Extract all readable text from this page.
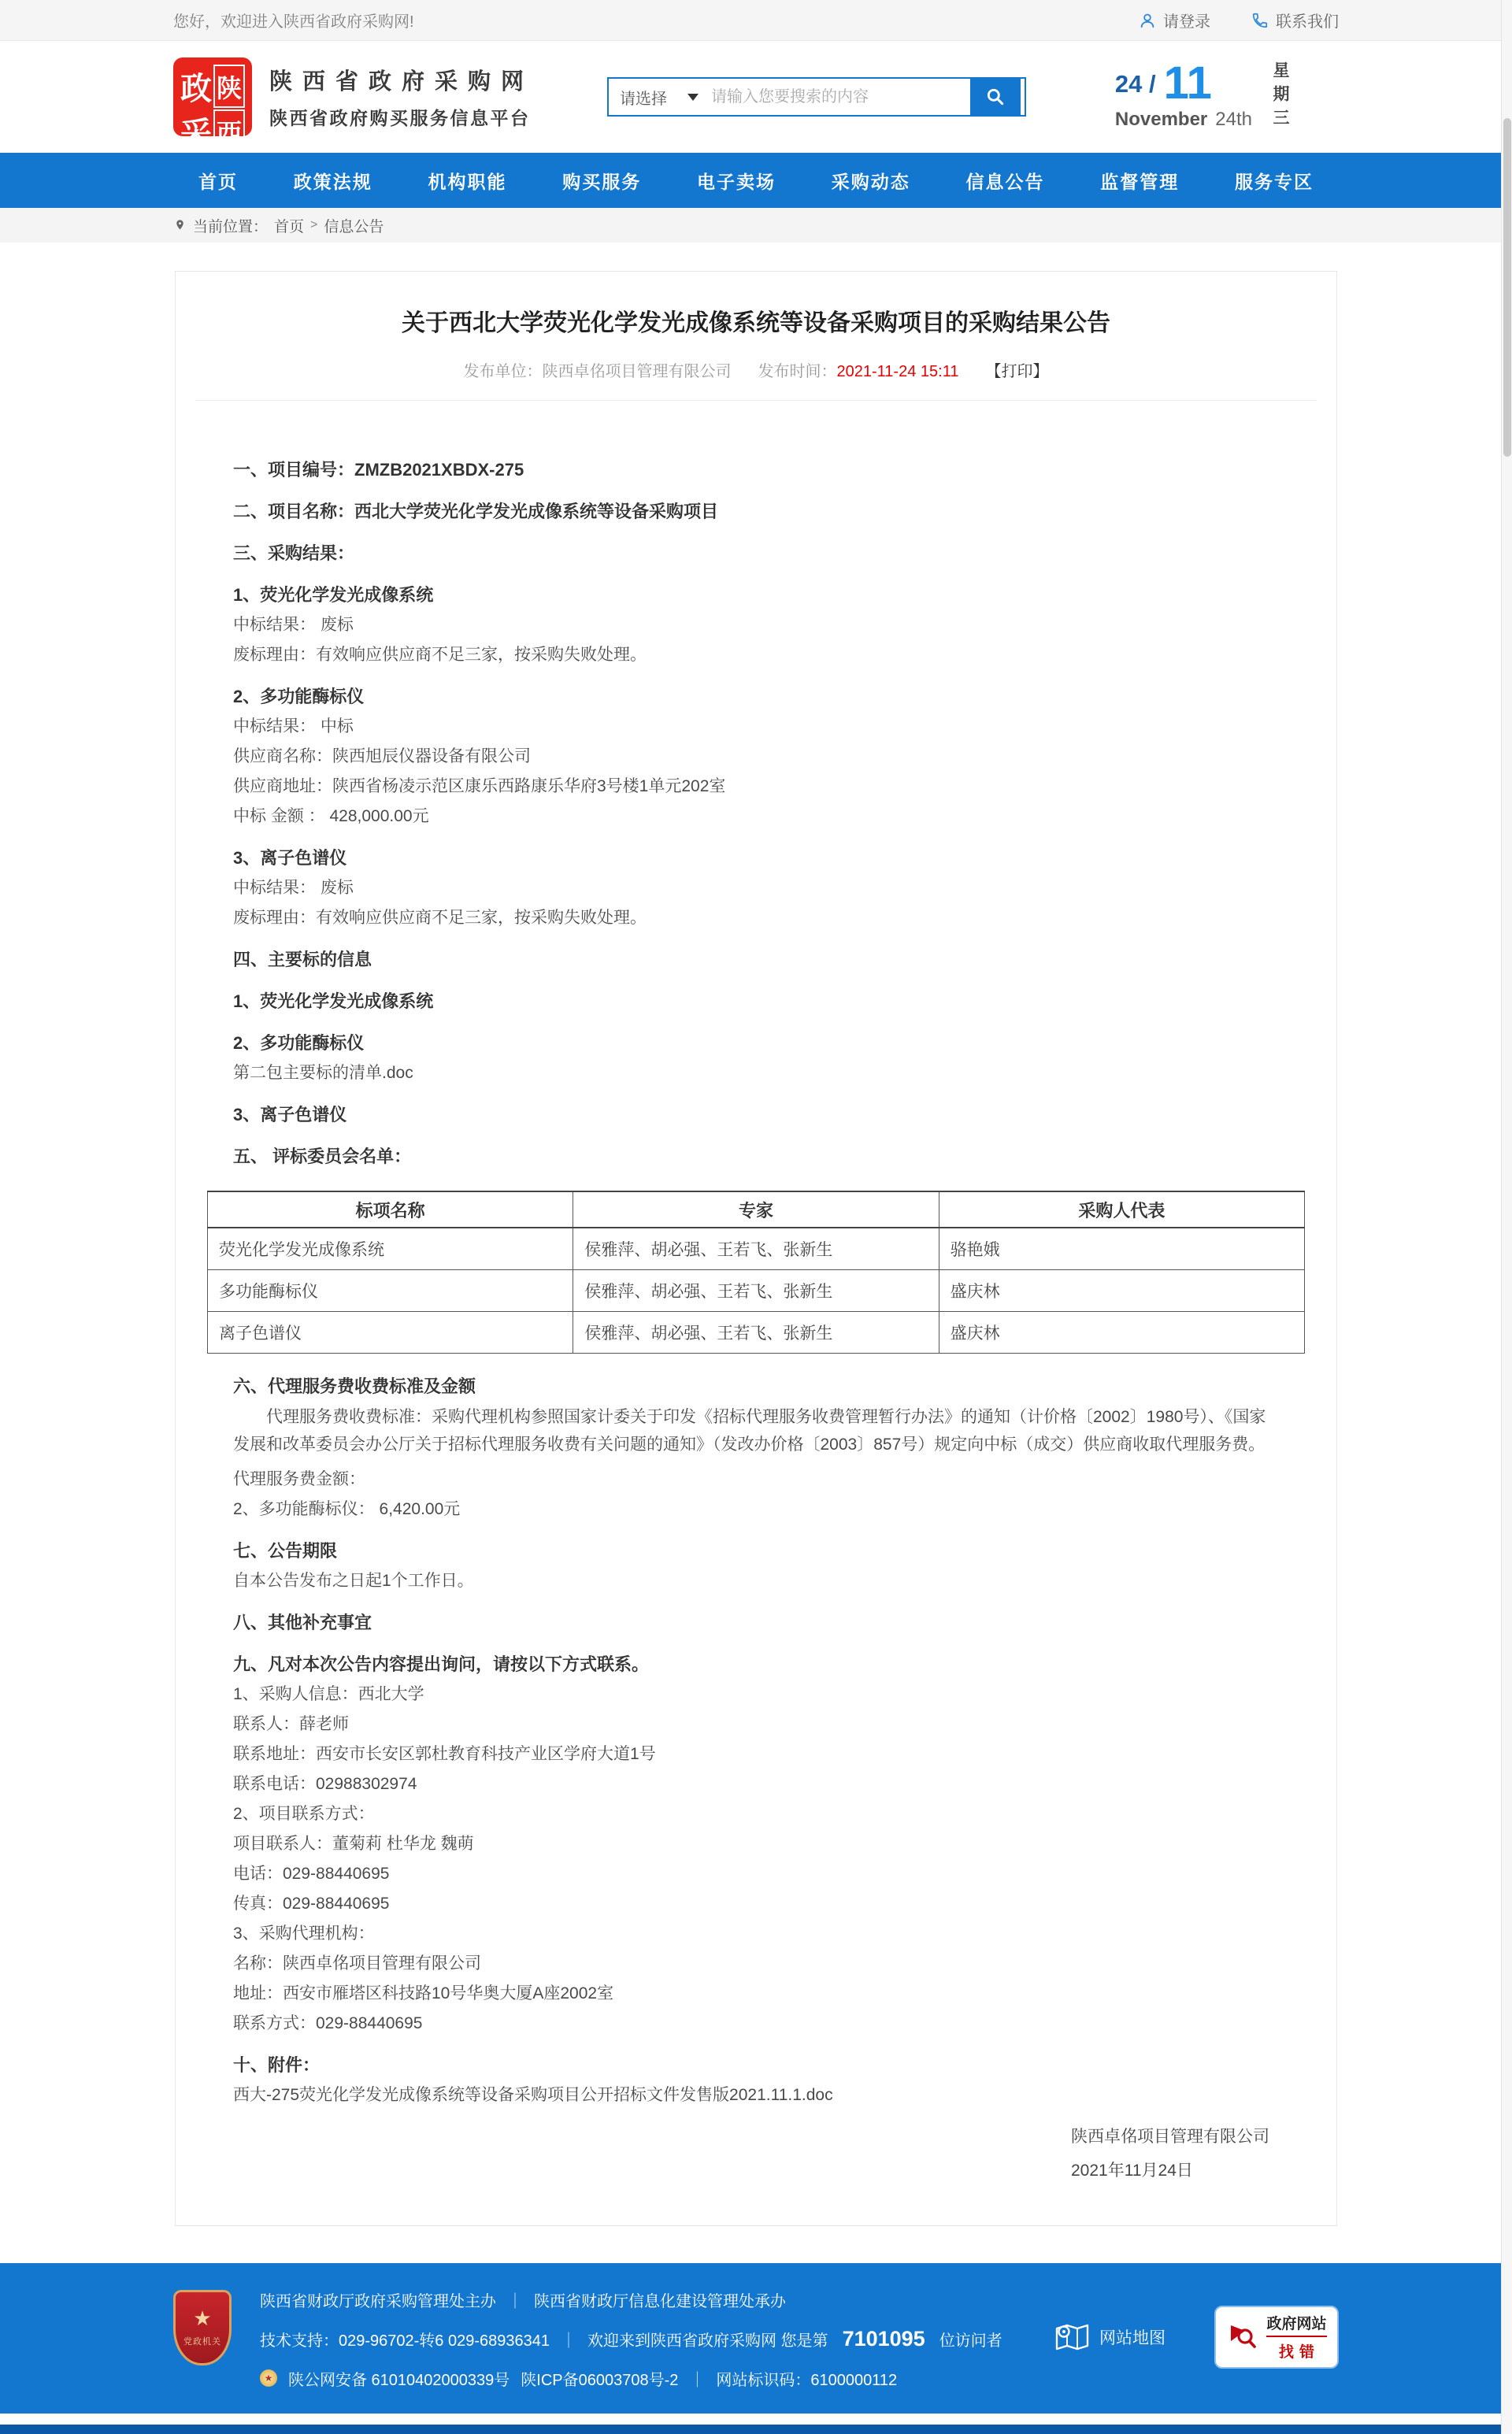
您好，欢迎进入陕西省政府采购网!	请登录	联系我们
政 陕
采 西
陕西省政府采购网
陕西省政府购买服务信息平台
请选择
请输入您要搜索的内容
24 / 11
November 24th 星期三
首页	政策法规	机构职能	购买服务	电子卖场	采购动态	信息公告	监督管理	服务专区
当前位置： 首页 > 信息公告
关于西北大学荧光化学发光成像系统等设备采购项目的采购结果公告
发布单位：陕西卓佲项目管理有限公司 发布时间：2021-11-24 15:11 【打印】

一、项目编号：ZMZB2021XBDX-275

二、项目名称：西北大学荧光化学发光成像系统等设备采购项目

三、采购结果：

1、荧光化学发光成像系统

中标结果： 废标

废标理由：有效响应供应商不足三家，按采购失败处理。

2、多功能酶标仪

中标结果： 中标

供应商名称：陕西旭辰仪器设备有限公司

供应商地址：陕西省杨凌示范区康乐西路康乐华府3号楼1单元202室

中标 金额 ： 428,000.00元

3、离子色谱仪

中标结果： 废标

废标理由：有效响应供应商不足三家，按采购失败处理。

四、主要标的信息

1、荧光化学发光成像系统

2、多功能酶标仪

第二包主要标的清单.doc

3、离子色谱仪

五、 评标委员会名单：

标项名称	专家	采购人代表
荧光化学发光成像系统	侯雅萍、胡必强、王若飞、张新生	骆艳娥
多功能酶标仪	侯雅萍、胡必强、王若飞、张新生	盛庆林
离子色谱仪	侯雅萍、胡必强、王若飞、张新生	盛庆林

六、代理服务费收费标准及金额

代理服务费收费标准：采购代理机构参照国家计委关于印发《招标代理服务收费管理暂行办法》的通知（计价格〔2002〕1980号）、《国家发展和改革委员会办公厅关于招标代理服务收费有关问题的通知》（发改办价格〔2003〕857号）规定向中标（成交）供应商收取代理服务费。

代理服务费金额：

2、多功能酶标仪： 6,420.00元

七、公告期限

自本公告发布之日起1个工作日。

八、其他补充事宜

九、凡对本次公告内容提出询问，请按以下方式联系。

1、采购人信息：西北大学

联系人：薛老师

联系地址：西安市长安区郭杜教育科技产业区学府大道1号

联系电话：02988302974

2、项目联系方式：

项目联系人：董菊莉 杜华龙 魏萌

电话：029-88440695

传真：029-88440695

3、采购代理机构：

名称：陕西卓佲项目管理有限公司

地址：西安市雁塔区科技路10号华奥大厦A座2002室

联系方式：029-88440695

十、附件：

西大-275荧光化学发光成像系统等设备采购项目公开招标文件发售版2021.11.1.doc

陕西卓佲项目管理有限公司
2021年11月24日
★
党政机关
陕西省财政厅政府采购管理处主办 ｜ 陕西省财政厅信息化建设管理处承办
技术支持：029-96702-转6 029-68936341 ｜ 欢迎来到陕西省政府采购网 您是第 7101095 位访问者
★ 陕公网安备 61010402000339号 陕ICP备06003708号-2 ｜ 网站标识码：6100000112
网站地图
政府网站
找错
